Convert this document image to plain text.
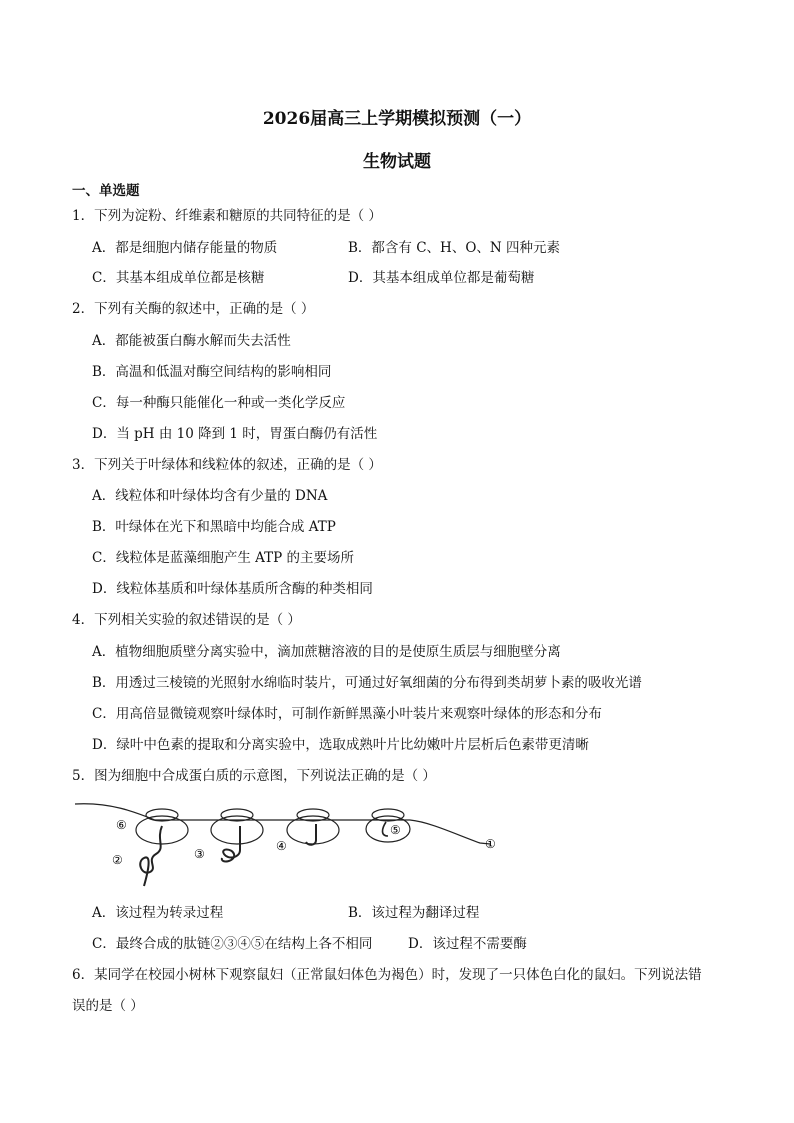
2026届高三上学期模拟预测（一）
生物试题
一、单选题
1．下列为淀粉、纤维素和糖原的共同特征的是（ ）
A．都是细胞内储存能量的物质	B．都含有 C、H、O、N 四种元素
C．其基本组成单位都是核糖	D．其基本组成单位都是葡萄糖
2．下列有关酶的叙述中，正确的是（ ）
A．都能被蛋白酶水解而失去活性
B．高温和低温对酶空间结构的影响相同
C．每一种酶只能催化一种或一类化学反应
D．当 pH 由 10 降到 1 时，胃蛋白酶仍有活性
3．下列关于叶绿体和线粒体的叙述，正确的是（ ）
A．线粒体和叶绿体均含有少量的 DNA
B．叶绿体在光下和黑暗中均能合成 ATP
C．线粒体是蓝藻细胞产生 ATP 的主要场所
D．线粒体基质和叶绿体基质所含酶的种类相同
4．下列相关实验的叙述错误的是（ ）
A．植物细胞质壁分离实验中，滴加蔗糖溶液的目的是使原生质层与细胞壁分离
B．用透过三棱镜的光照射水绵临时装片，可通过好氧细菌的分布得到类胡萝卜素的吸收光谱
C．用高倍显微镜观察叶绿体时，可制作新鲜黑藻小叶装片来观察叶绿体的形态和分布
D．绿叶中色素的提取和分离实验中，选取成熟叶片比幼嫩叶片层析后色素带更清晰
5．图为细胞中合成蛋白质的示意图，下列说法正确的是（ ）
⑥
②	③
④
⑤
①
A．该过程为转录过程	B．该过程为翻译过程
C．最终合成的肽链②③④⑤在结构上各不相同	D．该过程不需要酶
6．某同学在校园小树林下观察鼠妇（正常鼠妇体色为褐色）时，发现了一只体色白化的鼠妇。下列说法错
误的是（ ）
